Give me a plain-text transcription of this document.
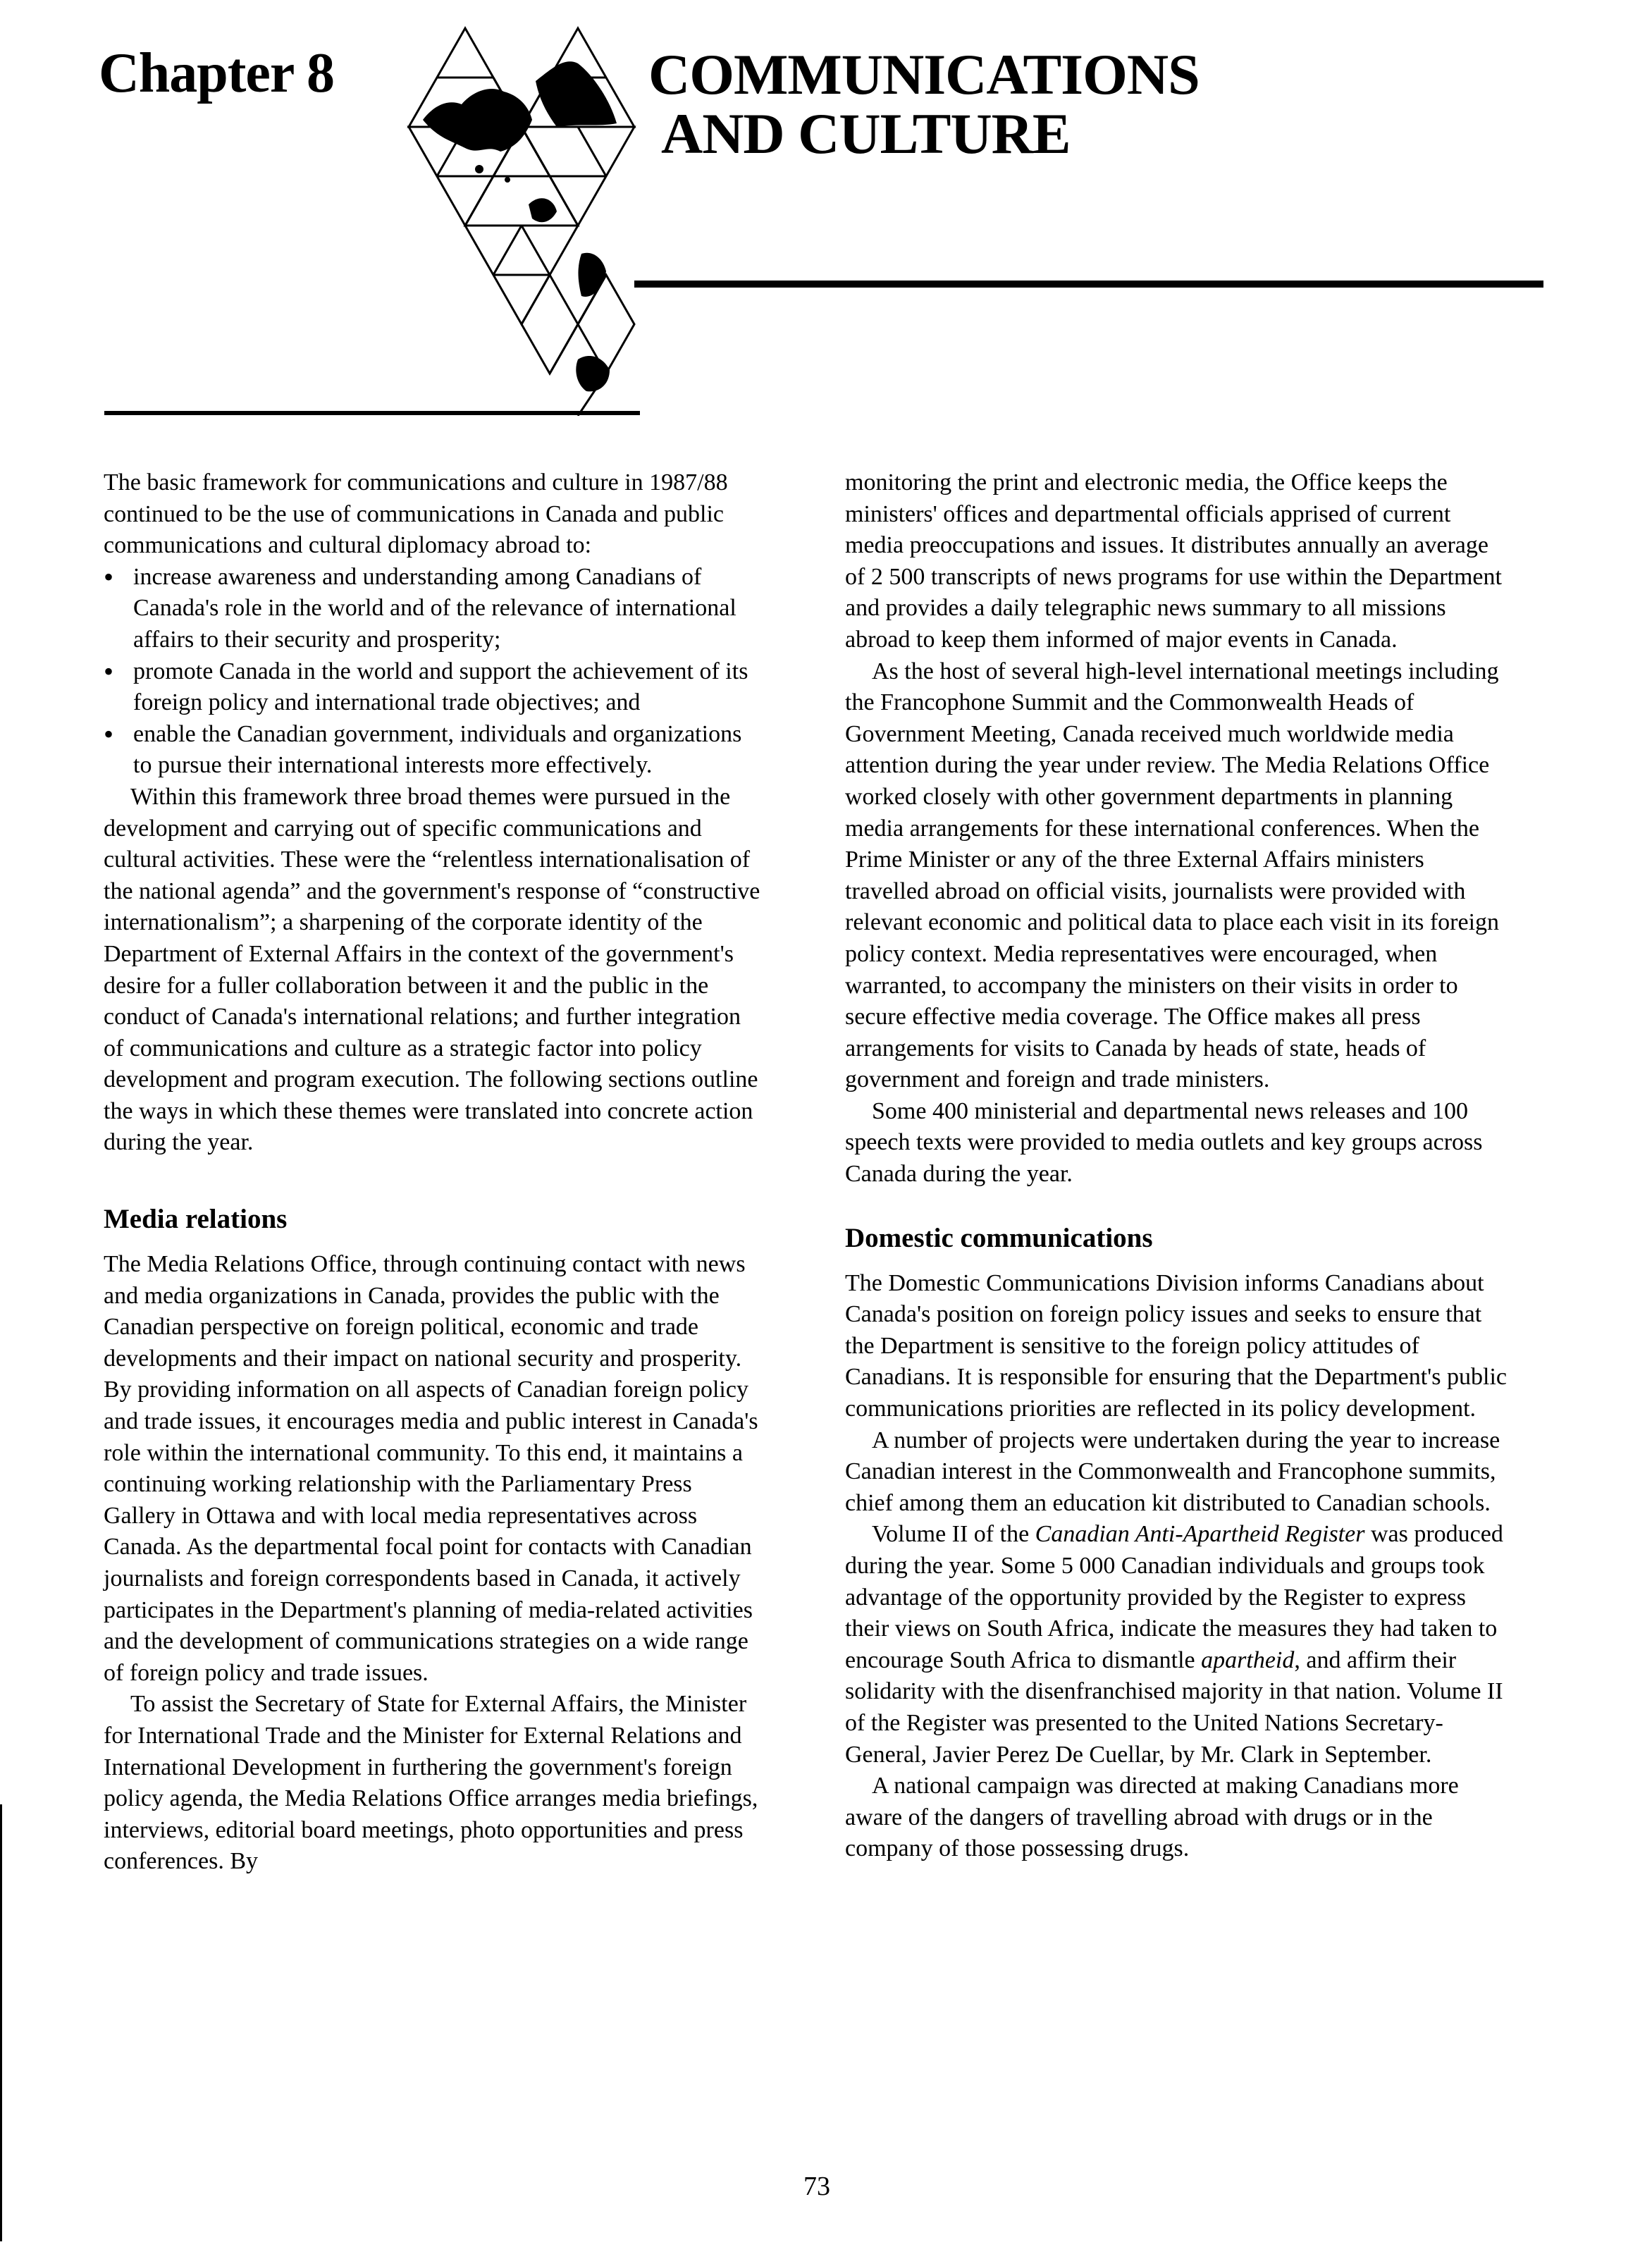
Chapter 8	COMMUNICATIONS
AND CULTURE

The basic framework for communications and culture in 1987/88 continued to be the use of communications in Canada and public communications and cultural diplomacy abroad to:

• increase awareness and understanding among Canadians of Canada's role in the world and of the relevance of international affairs to their security and prosperity;
• promote Canada in the world and support the achievement of its foreign policy and international trade objectives; and
• enable the Canadian government, individuals and organizations to pursue their international interests more effectively.

Within this framework three broad themes were pursued in the development and carrying out of specific communications and cultural activities. These were the “relentless internationalisation of the national agenda” and the government's response of “constructive internationalism”; a sharpening of the corporate identity of the Department of External Affairs in the context of the government's desire for a fuller collaboration between it and the public in the conduct of Canada's international relations; and further integration of communications and culture as a strategic factor into policy development and program execution. The following sections outline the ways in which these themes were translated into concrete action during the year.

Media relations

The Media Relations Office, through continuing contact with news and media organizations in Canada, provides the public with the Canadian perspective on foreign political, economic and trade developments and their impact on national security and prosperity. By providing information on all aspects of Canadian foreign policy and trade issues, it encourages media and public interest in Canada's role within the international community. To this end, it maintains a continuing working relationship with the Parliamentary Press Gallery in Ottawa and with local media representatives across Canada. As the departmental focal point for contacts with Canadian journalists and foreign correspondents based in Canada, it actively participates in the Department's planning of media-related activities and the development of communications strategies on a wide range of foreign policy and trade issues.

To assist the Secretary of State for External Affairs, the Minister for International Trade and the Minister for External Relations and International Development in furthering the government's foreign policy agenda, the Media Relations Office arranges media briefings, interviews, editorial board meetings, photo opportunities and press conferences. By

monitoring the print and electronic media, the Office keeps the ministers' offices and departmental officials apprised of current media preoccupations and issues. It distributes annually an average of 2 500 transcripts of news programs for use within the Department and provides a daily telegraphic news summary to all missions abroad to keep them informed of major events in Canada.

As the host of several high-level international meetings including the Francophone Summit and the Commonwealth Heads of Government Meeting, Canada received much worldwide media attention during the year under review. The Media Relations Office worked closely with other government departments in planning media arrangements for these international conferences. When the Prime Minister or any of the three External Affairs ministers travelled abroad on official visits, journalists were provided with relevant economic and political data to place each visit in its foreign policy context. Media representatives were encouraged, when warranted, to accompany the ministers on their visits in order to secure effective media coverage. The Office makes all press arrangements for visits to Canada by heads of state, heads of government and foreign and trade ministers.

Some 400 ministerial and departmental news releases and 100 speech texts were provided to media outlets and key groups across Canada during the year.

Domestic communications

The Domestic Communications Division informs Canadians about Canada's position on foreign policy issues and seeks to ensure that the Department is sensitive to the foreign policy attitudes of Canadians. It is responsible for ensuring that the Department's public communications priorities are reflected in its policy development.

A number of projects were undertaken during the year to increase Canadian interest in the Commonwealth and Francophone summits, chief among them an education kit distributed to Canadian schools.

Volume II of the Canadian Anti-Apartheid Register was produced during the year. Some 5 000 Canadian individuals and groups took advantage of the opportunity provided by the Register to express their views on South Africa, indicate the measures they had taken to encourage South Africa to dismantle apartheid, and affirm their solidarity with the disenfranchised majority in that nation. Volume II of the Register was presented to the United Nations Secretary-General, Javier Perez De Cuellar, by Mr. Clark in September.

A national campaign was directed at making Canadians more aware of the dangers of travelling abroad with drugs or in the company of those possessing drugs.

73
